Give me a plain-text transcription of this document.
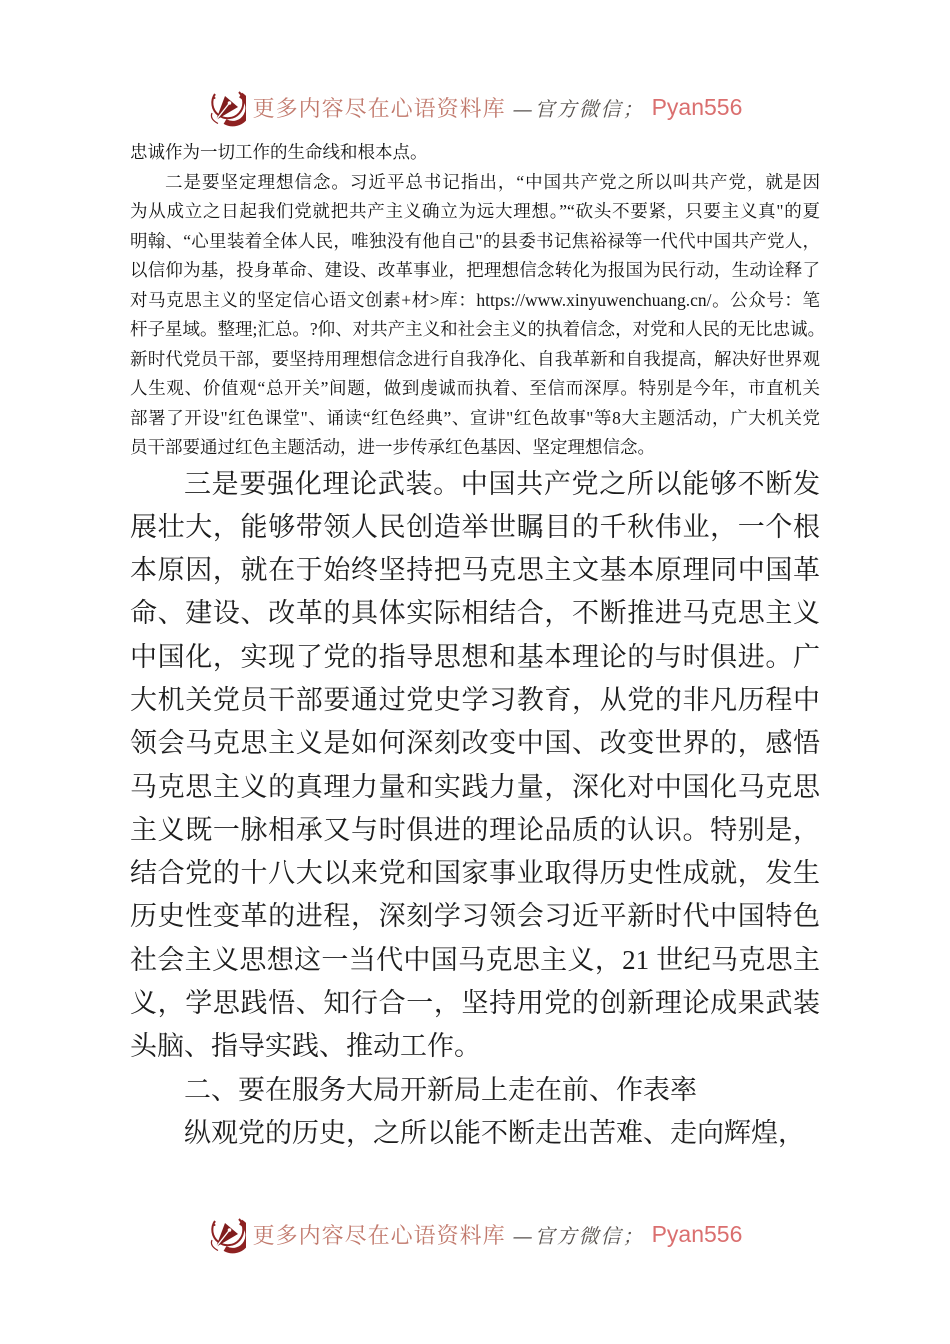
更多内容尽在心语资料库 —官方微信； Pyan556
忠诚作为一切工作的生命线和根本点。
二是要坚定理想信念。习近平总书记指出，“中国共产党之所以叫共产党，就是因
为从成立之日起我们党就把共产主义确立为远大理想。”“砍头不要紧，只要主义真"的夏
明翰、“心里装着全体人民，唯独没有他自己"的县委书记焦裕禄等一代代中国共产党人，
以信仰为基，投身革命、建设、改革事业，把理想信念转化为报国为民行动，生动诠释了
对马克思主义的坚定信心语文创素+材>库：https://www.xinyuwenchuang.cn/。公众号：笔
杆子星域。整理;汇总。?仰、对共产主义和社会主义的执着信念，对党和人民的无比忠诚。
新时代党员干部，要坚持用理想信念进行自我净化、自我革新和自我提高，解决好世界观
人生观、价值观“总开关”间题，做到虔诚而执着、至信而深厚。特别是今年，市直机关
部署了开设"红色课堂"、诵读“红色经典”、宣讲"红色故事"等8大主题活动，广大机关党
员干部要通过红色主题活动，进一步传承红色基因、坚定理想信念。
三是要强化理论武装。中国共产党之所以能够不断发
展壮大，能够带领人民创造举世瞩目的千秋伟业，一个根
本原因，就在于始终坚持把马克思主文基本原理同中国革
命、建设、改革的具体实际相结合，不断推进马克思主义
中国化，实现了党的指导思想和基本理论的与时俱进。广
大机关党员干部要通过党史学习教育，从党的非凡历程中
领会马克思主义是如何深刻改变中国、改变世界的，感悟
马克思主义的真理力量和实践力量，深化对中国化马克思
主义既一脉相承又与时俱进的理论品质的认识。特别是，
结合党的十八大以来党和国家事业取得历史性成就，发生
历史性变革的进程，深刻学习领会习近平新时代中国特色
社会主义思想这一当代中国马克思主义，21 世纪马克思主
义，学思践悟、知行合一，坚持用党的创新理论成果武装
头脑、指导实践、推动工作。
二、要在服务大局开新局上走在前、作表率
纵观党的历史，之所以能不断走出苦难、走向辉煌，
更多内容尽在心语资料库 —官方微信； Pyan556
